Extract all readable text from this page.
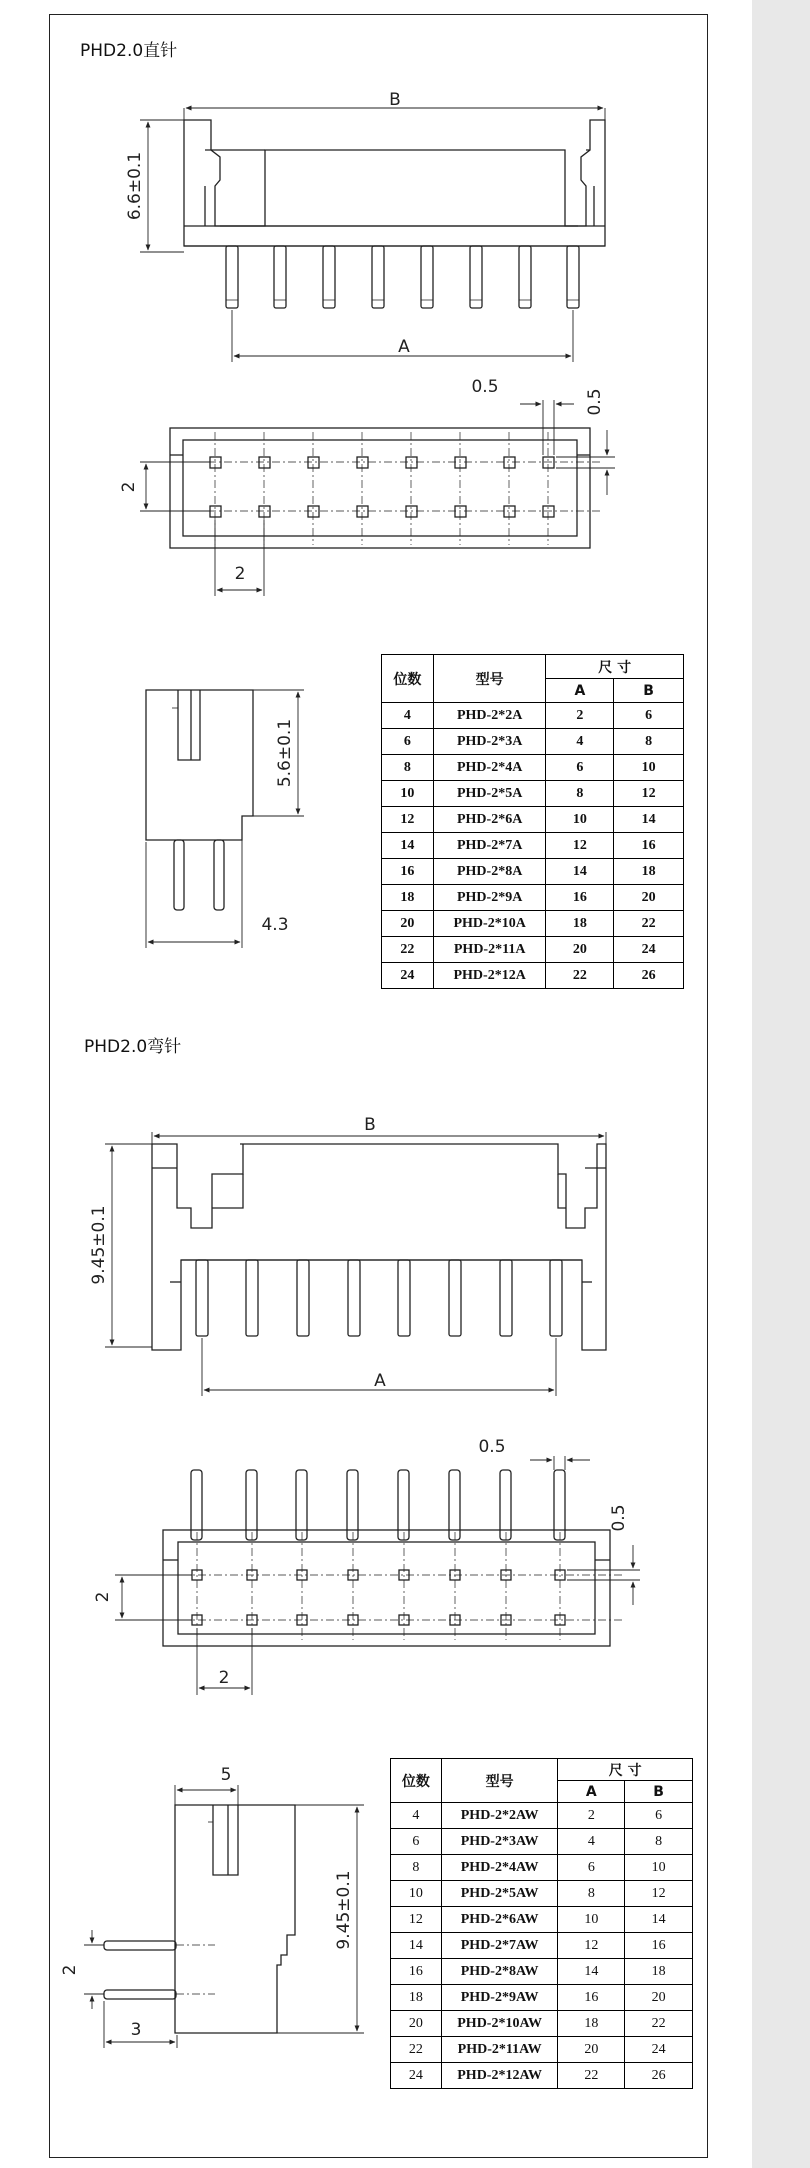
PHD2.0直针
PHD2.0弯针
B
A
6.6±0.1
0.5
0.5
2
2
5.6±0.1
4.3
B
A
9.45±0.1
0.5
0.5
2
2
5
9.45±0.1
2
3
位数	型号	尺 寸	
		A	B
4	PHD-2*2A	2	6
6	PHD-2*3A	4	8
8	PHD-2*4A	6	10
10	PHD-2*5A	8	12
12	PHD-2*6A	10	14
14	PHD-2*7A	12	16
16	PHD-2*8A	14	18
18	PHD-2*9A	16	20
20	PHD-2*10A	18	22
22	PHD-2*11A	20	24
24	PHD-2*12A	22	26
位数	型号	尺 寸	
		A	B
4	PHD-2*2AW	2	6
6	PHD-2*3AW	4	8
8	PHD-2*4AW	6	10
10	PHD-2*5AW	8	12
12	PHD-2*6AW	10	14
14	PHD-2*7AW	12	16
16	PHD-2*8AW	14	18
18	PHD-2*9AW	16	20
20	PHD-2*10AW	18	22
22	PHD-2*11AW	20	24
24	PHD-2*12AW	22	26
